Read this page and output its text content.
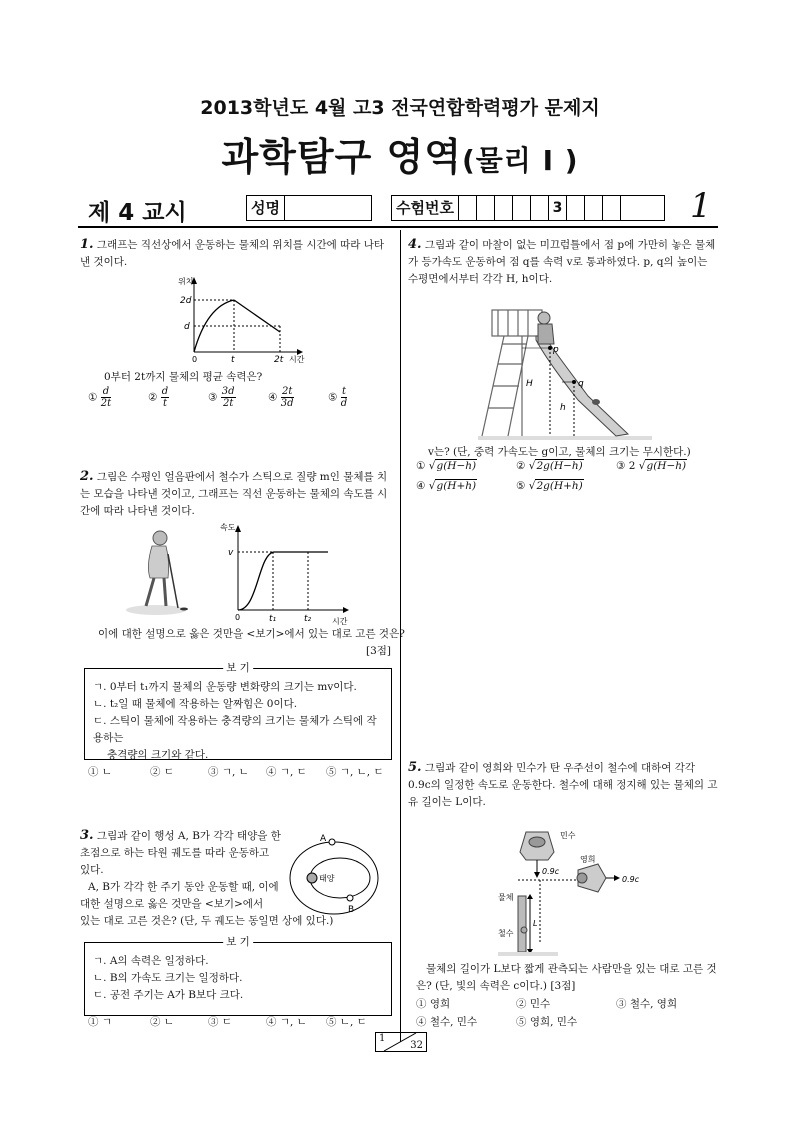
2013학년도 4월 고3 전국연합학력평가 문제지
과학탐구 영역(물리 I )
제 4 교시	성명	수험번호	3	1
1. 그래프는 직선상에서 운동하는 물체의 위치를 시간에 따라 나타낸 것이다.
위치
2d
d
0	t	2t 시간
0부터 2t까지 물체의 평균 속력은?
① $\frac{d}{2t}$	② $\frac{d}{t}$	③ $\frac{3d}{2t}$	④ $\frac{2t}{3d}$	⑤ $\frac{t}{d}$
2. 그림은 수평인 얼음판에서 철수가 스틱으로 질량 m인 물체를 치는 모습을 나타낸 것이고, 그래프는 직선 운동하는 물체의 속도를 시간에 따라 나타낸 것이다.
속도
v
0	t₁	t₂	시간
이에 대한 설명으로 옳은 것만을 <보기>에서 있는 대로 고른 것은?
[3점]
보 기
ㄱ. 0부터 t₁까지 물체의 운동량 변화량의 크기는 mv이다.
ㄴ. t₂일 때 물체에 작용하는 알짜힘은 0이다.
ㄷ. 스틱이 물체에 작용하는 충격량의 크기는 물체가 스틱에 작용하는
충격량의 크기와 같다.
① ㄴ	② ㄷ	③ ㄱ, ㄴ	④ ㄱ, ㄷ	⑤ ㄱ, ㄴ, ㄷ
3. 그림과 같이 행성 A, B가 각각 태양을 한
초점으로 하는 타원 궤도를 따라 운동하고
있다.
A, B가 각각 한 주기 동안 운동할 때, 이에
대한 설명으로 옳은 것만을 <보기>에서
있는 대로 고른 것은? (단, 두 궤도는 동일면 상에 있다.)
A
B
태양
보 기
ㄱ. A의 속력은 일정하다.
ㄴ. B의 가속도 크기는 일정하다.
ㄷ. 공전 주기는 A가 B보다 크다.
① ㄱ	② ㄴ	③ ㄷ	④ ㄱ, ㄴ	⑤ ㄴ, ㄷ
4. 그림과 같이 마찰이 없는 미끄럼틀에서 점 p에 가만히 놓은 물체가 등가속도 운동하여 점 q를 속력 v로 통과하였다. p, q의 높이는 수평면에서부터 각각 H, h이다.
p
q
H
h
v는? (단, 중력 가속도는 g이고, 물체의 크기는 무시한다.)
① √g(H−h)	② √2g(H−h)	③ 2 √g(H−h)
④ √g(H+h)	⑤ √2g(H+h)
5. 그림과 같이 영희와 민수가 탄 우주선이 철수에 대하여 각각 0.9c의 일정한 속도로 운동한다. 철수에 대해 정지해 있는 물체의 고유 길이는 L이다.
민수
영희
0.9c
0.9c
물체
철수
L
물체의 길이가 L보다 짧게 관측되는 사람만을 있는 대로 고른 것은? (단, 빛의 속력은 c이다.) [3점]
① 영희	② 민수	③ 철수, 영희
④ 철수, 민수	⑤ 영희, 민수
1
32
